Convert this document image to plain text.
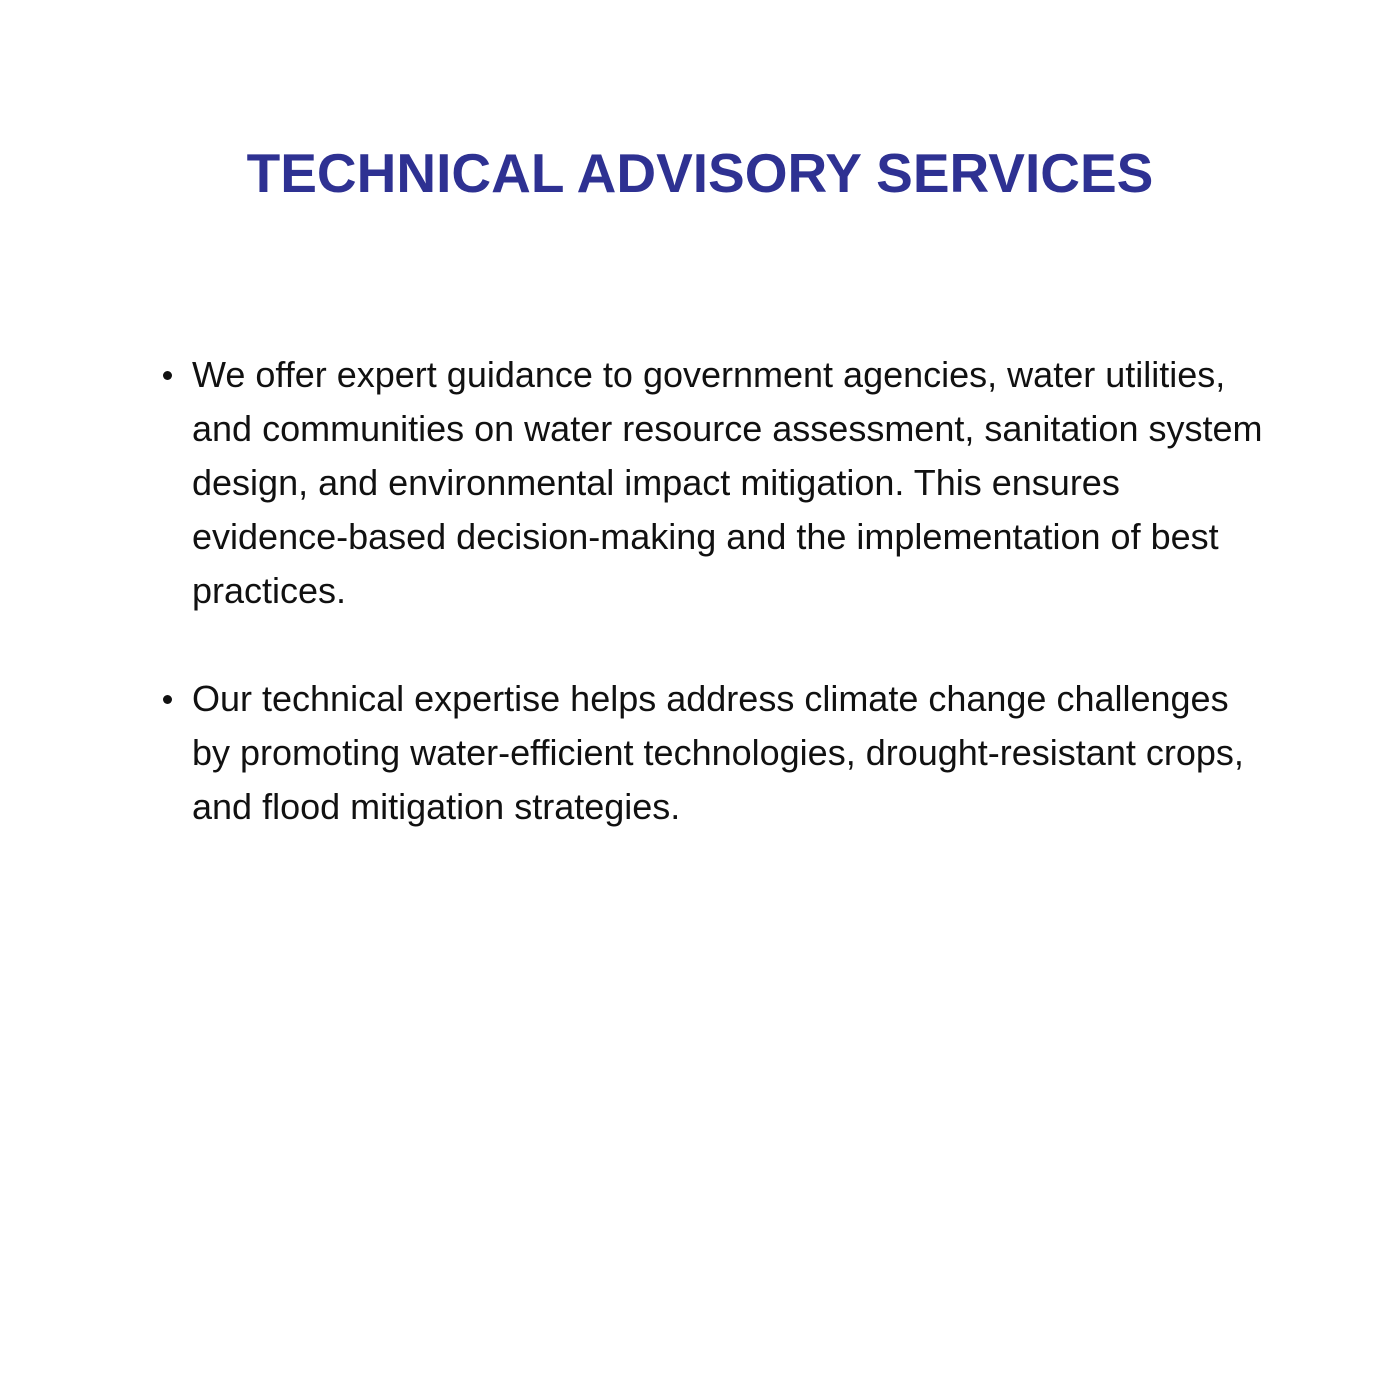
TECHNICAL ADVISORY SERVICES
We offer expert guidance to government agencies, water utilities, and communities on water resource assessment, sanitation system design, and environmental impact mitigation. This ensures evidence-based decision-making and the implementation of best practices.
Our technical expertise helps address climate change challenges by promoting water-efficient technologies, drought-resistant crops, and flood mitigation strategies.
